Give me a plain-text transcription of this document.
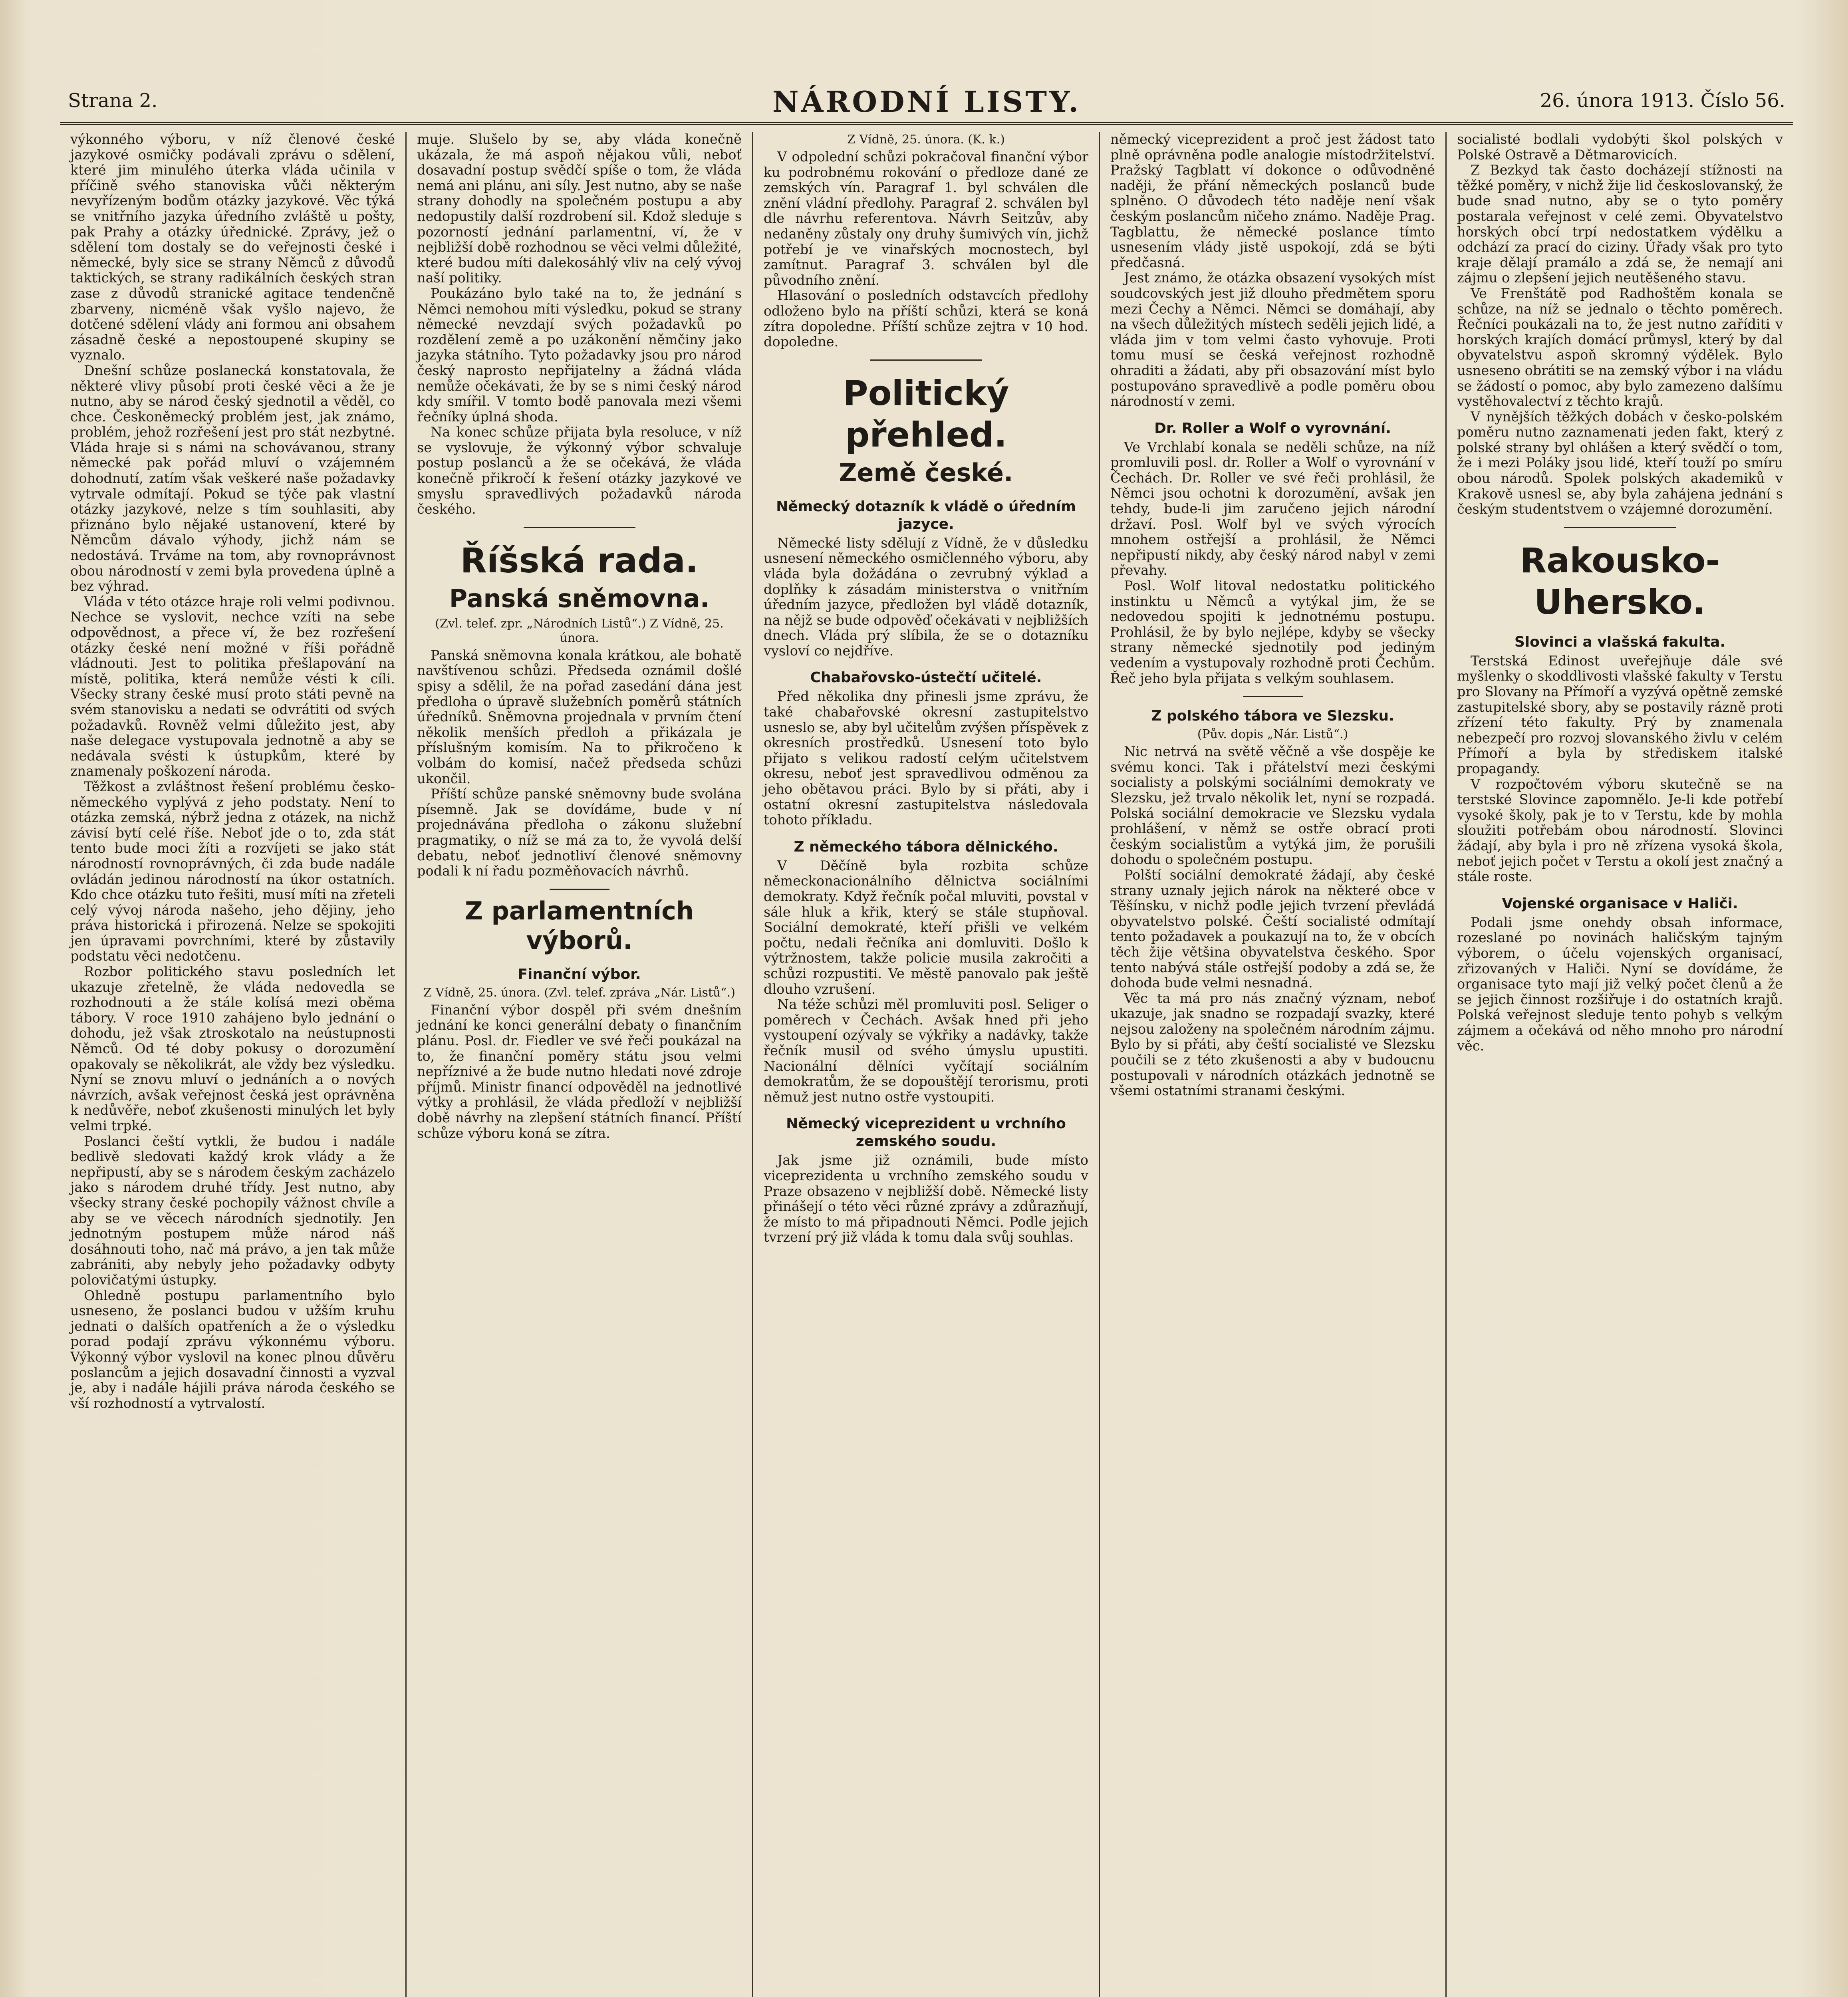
Strana 2.	NÁRODNÍ LISTY.	26. února 1913. Číslo 56.

výkonného výboru, v níž členové české jazykové osmičky podávali zprávu o sdělení, které jim minulého úterka vláda učinila v příčině svého stanoviska vůči některým nevyřízeným bodům otázky jazykové. Věc týká se vnitřního jazyka úředního zvláště u pošty, pak Prahy a otázky úřednické. Zprávy, jež o sdělení tom dostaly se do veřejnosti české i německé, byly sice se strany Němců z důvodů taktických, se strany radikálních českých stran zase z důvodů stranické agitace tendenčně zbarveny, nicméně však vyšlo najevo, že dotčené sdělení vlády ani formou ani obsahem zásadně české a nepostoupené skupiny se vyznalo.

Dnešní schůze poslanecká konstatovala, že některé vlivy působí proti české věci a že je nutno, aby se národ český sjednotil a věděl, co chce. Českoněmecký problém jest, jak známo, problém, jehož rozřešení jest pro stát nezbytné. Vláda hraje si s námi na schovávanou, strany německé pak pořád mluví o vzájemném dohodnutí, zatím však veškeré naše požadavky vytrvale odmítají. Pokud se týče pak vlastní otázky jazykové, nelze s tím souhlasiti, aby přiznáno bylo nějaké ustanovení, které by Němcům dávalo výhody, jichž nám se nedostává. Trváme na tom, aby rovnoprávnost obou národností v zemi byla provedena úplně a bez výhrad.

Vláda v této otázce hraje roli velmi podivnou. Nechce se vyslovit, nechce vzíti na sebe odpovědnost, a přece ví, že bez rozřešení otázky české není možné v říši pořádně vládnouti. Jest to politika přešlapování na místě, politika, která nemůže vésti k cíli. Všecky strany české musí proto státi pevně na svém stanovisku a nedati se odvrátiti od svých požadavků. Rovněž velmi důležito jest, aby naše delegace vystupovala jednotně a aby se nedávala svésti k ústupkům, které by znamenaly poškození národa.

Těžkost a zvláštnost řešení problému česko-německého vyplývá z jeho podstaty. Není to otázka zemská, nýbrž jedna z otázek, na nichž závisí bytí celé říše. Neboť jde o to, zda stát tento bude moci žíti a rozvíjeti se jako stát národností rovnoprávných, či zda bude nadále ovládán jedinou národností na úkor ostatních. Kdo chce otázku tuto řešiti, musí míti na zřeteli celý vývoj národa našeho, jeho dějiny, jeho práva historická i přirozená. Nelze se spokojiti jen úpravami povrchními, které by zůstavily podstatu věci nedotčenu.

Rozbor politického stavu posledních let ukazuje zřetelně, že vláda nedovedla se rozhodnouti a že stále kolísá mezi oběma tábory. V roce 1910 zahájeno bylo jednání o dohodu, jež však ztroskotalo na neústupnosti Němců. Od té doby pokusy o dorozumění opakovaly se několikrát, ale vždy bez výsledku. Nyní se znovu mluví o jednáních a o nových návrzích, avšak veřejnost česká jest oprávněna k nedůvěře, neboť zkušenosti minulých let byly velmi trpké.

Poslanci čeští vytkli, že budou i nadále bedlivě sledovati každý krok vlády a že nepřipustí, aby se s národem českým zacházelo jako s národem druhé třídy. Jest nutno, aby všecky strany české pochopily vážnost chvíle a aby se ve věcech národních sjednotily. Jen jednotným postupem může národ náš dosáhnouti toho, nač má právo, a jen tak může zabrániti, aby nebyly jeho požadavky odbyty polovičatými ústupky.

Ohledně postupu parlamentního bylo usneseno, že poslanci budou v užším kruhu jednati o dalších opatřeních a že o výsledku porad podají zprávu výkonnému výboru. Výkonný výbor vyslovil na konec plnou důvěru poslancům a jejich dosavadní činnosti a vyzval je, aby i nadále hájili práva národa českého se vší rozhodností a vytrvalostí.

muje. Slušelo by se, aby vláda konečně ukázala, že má aspoň nějakou vůli, neboť dosavadní postup svědčí spíše o tom, že vláda nemá ani plánu, ani síly. Jest nutno, aby se naše strany dohodly na společném postupu a aby nedopustily další rozdrobení sil. Kdož sleduje s pozorností jednání parlamentní, ví, že v nejbližší době rozhodnou se věci velmi důležité, které budou míti dalekosáhlý vliv na celý vývoj naší politiky.

Poukázáno bylo také na to, že jednání s Němci nemohou míti výsledku, pokud se strany německé nevzdají svých požadavků po rozdělení země a po uzákonění němčiny jako jazyka státního. Tyto požadavky jsou pro národ český naprosto nepřijatelny a žádná vláda nemůže očekávati, že by se s nimi český národ kdy smířil. V tomto bodě panovala mezi všemi řečníky úplná shoda.

Na konec schůze přijata byla resoluce, v níž se vyslovuje, že výkonný výbor schvaluje postup poslanců a že se očekává, že vláda konečně přikročí k řešení otázky jazykové ve smyslu spravedlivých požadavků národa českého.

Říšská rada.
Panská sněmovna.
(Zvl. telef. zpr. „Národních Listů“.) Z Vídně, 25. února.

Panská sněmovna konala krátkou, ale bohatě navštívenou schůzi. Předseda oznámil došlé spisy a sdělil, že na pořad zasedání dána jest předloha o úpravě služebních poměrů státních úředníků. Sněmovna projednala v prvním čtení několik menších předloh a přikázala je příslušným komisím. Na to přikročeno k volbám do komisí, načež předseda schůzi ukončil.

Příští schůze panské sněmovny bude svolána písemně. Jak se dovídáme, bude v ní projednávána předloha o zákonu služební pragmatiky, o níž se má za to, že vyvolá delší debatu, neboť jednotliví členové sněmovny podali k ní řadu pozměňovacích návrhů.

Z parlamentních výborů.
Finanční výbor.
Z Vídně, 25. února. (Zvl. telef. zpráva „Nár. Listů“.)

Finanční výbor dospěl při svém dnešním jednání ke konci generální debaty o finančním plánu. Posl. dr. Fiedler ve své řeči poukázal na to, že finanční poměry státu jsou velmi nepříznivé a že bude nutno hledati nové zdroje příjmů. Ministr financí odpověděl na jednotlivé výtky a prohlásil, že vláda předloží v nejbližší době návrhy na zlepšení státních financí. Příští schůze výboru koná se zítra.

Z Vídně, 25. února. (K. k.)

V odpolední schůzi pokračoval finanční výbor ku podrobnému rokování o předloze dané ze zemských vín. Paragraf 1. byl schválen dle znění vládní předlohy. Paragraf 2. schválen byl dle návrhu referentova. Návrh Seitzův, aby nedaněny zůstaly ony druhy šumivých vín, jichž potřebí je ve vinařských mocnostech, byl zamítnut. Paragraf 3. schválen byl dle původního znění.

Hlasování o posledních odstavcích předlohy odloženo bylo na příští schůzi, která se koná zítra dopoledne. Příští schůze zejtra v 10 hod. dopoledne.

Politický přehled.
Země české.
Německý dotazník k vládě o úředním jazyce.

Německé listy sdělují z Vídně, že v důsledku usnesení německého osmičlenného výboru, aby vláda byla dožádána o zevrubný výklad a doplňky k zásadám ministerstva o vnitřním úředním jazyce, předložen byl vládě dotazník, na nějž se bude odpověď očekávati v nejbližších dnech. Vláda prý slíbila, že se o dotazníku vysloví co nejdříve.

Chabařovsko-ústečtí učitelé.

Před několika dny přinesli jsme zprávu, že také chabařovské okresní zastupitelstvo usneslo se, aby byl učitelům zvýšen příspěvek z okresních prostředků. Usnesení toto bylo přijato s velikou radostí celým učitelstvem okresu, neboť jest spravedlivou odměnou za jeho obětavou práci. Bylo by si přáti, aby i ostatní okresní zastupitelstva následovala tohoto příkladu.

Z německého tábora dělnického.

V Děčíně byla rozbita schůze německonacionálního dělnictva sociálními demokraty. Když řečník počal mluviti, povstal v sále hluk a křik, který se stále stupňoval. Sociální demokraté, kteří přišli ve velkém počtu, nedali řečníka ani domluviti. Došlo k výtržnostem, takže policie musila zakročiti a schůzi rozpustiti. Ve městě panovalo pak ještě dlouho vzrušení.

Na téže schůzi měl promluviti posl. Seliger o poměrech v Čechách. Avšak hned při jeho vystoupení ozývaly se výkřiky a nadávky, takže řečník musil od svého úmyslu upustiti. Nacionální dělníci vyčítají sociálním demokratům, že se dopouštějí terorismu, proti němuž jest nutno ostře vystoupiti.

Německý viceprezident u vrchního zemského soudu.

Jak jsme již oznámili, bude místo viceprezidenta u vrchního zemského soudu v Praze obsazeno v nejbližší době. Německé listy přinášejí o této věci různé zprávy a zdůrazňují, že místo to má připadnouti Němci. Podle jejich tvrzení prý již vláda k tomu dala svůj souhlas.

německý viceprezident a proč jest žádost tato plně oprávněna podle analogie místodržitelství. Pražský Tagblatt ví dokonce o odůvodněné naději, že přání německých poslanců bude splněno. O důvodech této naděje není však českým poslancům ničeho známo. Naděje Prag. Tagblattu, že německé poslance tímto usnesením vlády jistě uspokojí, zdá se býti předčasná.

Jest známo, že otázka obsazení vysokých míst soudcovských jest již dlouho předmětem sporu mezi Čechy a Němci. Němci se domáhají, aby na všech důležitých místech seděli jejich lidé, a vláda jim v tom velmi často vyhovuje. Proti tomu musí se česká veřejnost rozhodně ohraditi a žádati, aby při obsazování míst bylo postupováno spravedlivě a podle poměru obou národností v zemi.

Dr. Roller a Wolf o vyrovnání.

Ve Vrchlabí konala se neděli schůze, na níž promluvili posl. dr. Roller a Wolf o vyrovnání v Čechách. Dr. Roller ve své řeči prohlásil, že Němci jsou ochotni k dorozumění, avšak jen tehdy, bude-li jim zaručeno jejich národní državí. Posl. Wolf byl ve svých výrocích mnohem ostřejší a prohlásil, že Němci nepřipustí nikdy, aby český národ nabyl v zemi převahy.

Posl. Wolf litoval nedostatku politického instinktu u Němců a vytýkal jim, že se nedovedou spojiti k jednotnému postupu. Prohlásil, že by bylo nejlépe, kdyby se všecky strany německé sjednotily pod jediným vedením a vystupovaly rozhodně proti Čechům. Řeč jeho byla přijata s velkým souhlasem.

Z polského tábora ve Slezsku.
(Pův. dopis „Nár. Listů“.)

Nic netrvá na světě věčně a vše dospěje ke svému konci. Tak i přátelství mezi českými socialisty a polskými sociálními demokraty ve Slezsku, jež trvalo několik let, nyní se rozpadá. Polská sociální demokracie ve Slezsku vydala prohlášení, v němž se ostře obrací proti českým socialistům a vytýká jim, že porušili dohodu o společném postupu.

Polští sociální demokraté žádají, aby české strany uznaly jejich nárok na některé obce v Těšínsku, v nichž podle jejich tvrzení převládá obyvatelstvo polské. Čeští socialisté odmítají tento požadavek a poukazují na to, že v obcích těch žije většina obyvatelstva českého. Spor tento nabývá stále ostřejší podoby a zdá se, že dohoda bude velmi nesnadná.

Věc ta má pro nás značný význam, neboť ukazuje, jak snadno se rozpadají svazky, které nejsou založeny na společném národním zájmu. Bylo by si přáti, aby čeští socialisté ve Slezsku poučili se z této zkušenosti a aby v budoucnu postupovali v národních otázkách jednotně se všemi ostatními stranami českými.

socialisté bodlali vydobýti škol polských v Polské Ostravě a Dětmarovicích.

Z Bezkyd tak často docházejí stížnosti na těžké poměry, v nichž žije lid českoslovanský, že bude snad nutno, aby se o tyto poměry postarala veřejnost v celé zemi. Obyvatelstvo horských obcí trpí nedostatkem výdělku a odchází za prací do ciziny. Úřady však pro tyto kraje dělají pramálo a zdá se, že nemají ani zájmu o zlepšení jejich neutěšeného stavu.

Ve Frenštátě pod Radhoštěm konala se schůze, na níž se jednalo o těchto poměrech. Řečníci poukázali na to, že jest nutno zaříditi v horských krajích domácí průmysl, který by dal obyvatelstvu aspoň skromný výdělek. Bylo usneseno obrátiti se na zemský výbor i na vládu se žádostí o pomoc, aby bylo zamezeno dalšímu vystěhovalectví z těchto krajů.

V nynějších těžkých dobách v česko-polském poměru nutno zaznamenati jeden fakt, který z polské strany byl ohlášen a který svědčí o tom, že i mezi Poláky jsou lidé, kteří touží po smíru obou národů. Spolek polských akademiků v Krakově usnesl se, aby byla zahájena jednání s českým studentstvem o vzájemné dorozumění.

Rakousko-Uhersko.
Slovinci a vlašská fakulta.

Terstská Edinost uveřejňuje dále své myšlenky o skoddlivosti vlašské fakulty v Terstu pro Slovany na Přímoří a vyzývá opětně zemské zastupitelské sbory, aby se postavily rázně proti zřízení této fakulty. Prý by znamenala nebezpečí pro rozvoj slovanského živlu v celém Přímoří a byla by střediskem italské propagandy.

V rozpočtovém výboru skutečně se na terstské Slovince zapomnělo. Je-li kde potřebí vysoké školy, pak je to v Terstu, kde by mohla sloužiti potřebám obou národností. Slovinci žádají, aby byla i pro ně zřízena vysoká škola, neboť jejich počet v Terstu a okolí jest značný a stále roste.

Vojenské organisace v Haliči.

Podali jsme onehdy obsah informace, rozeslané po novinách haličským tajným výborem, o účelu vojenských organisací, zřizovaných v Haliči. Nyní se dovídáme, že organisace tyto mají již velký počet členů a že se jejich činnost rozšiřuje i do ostatních krajů. Polská veřejnost sleduje tento pohyb s velkým zájmem a očekává od něho mnoho pro národní věc.
